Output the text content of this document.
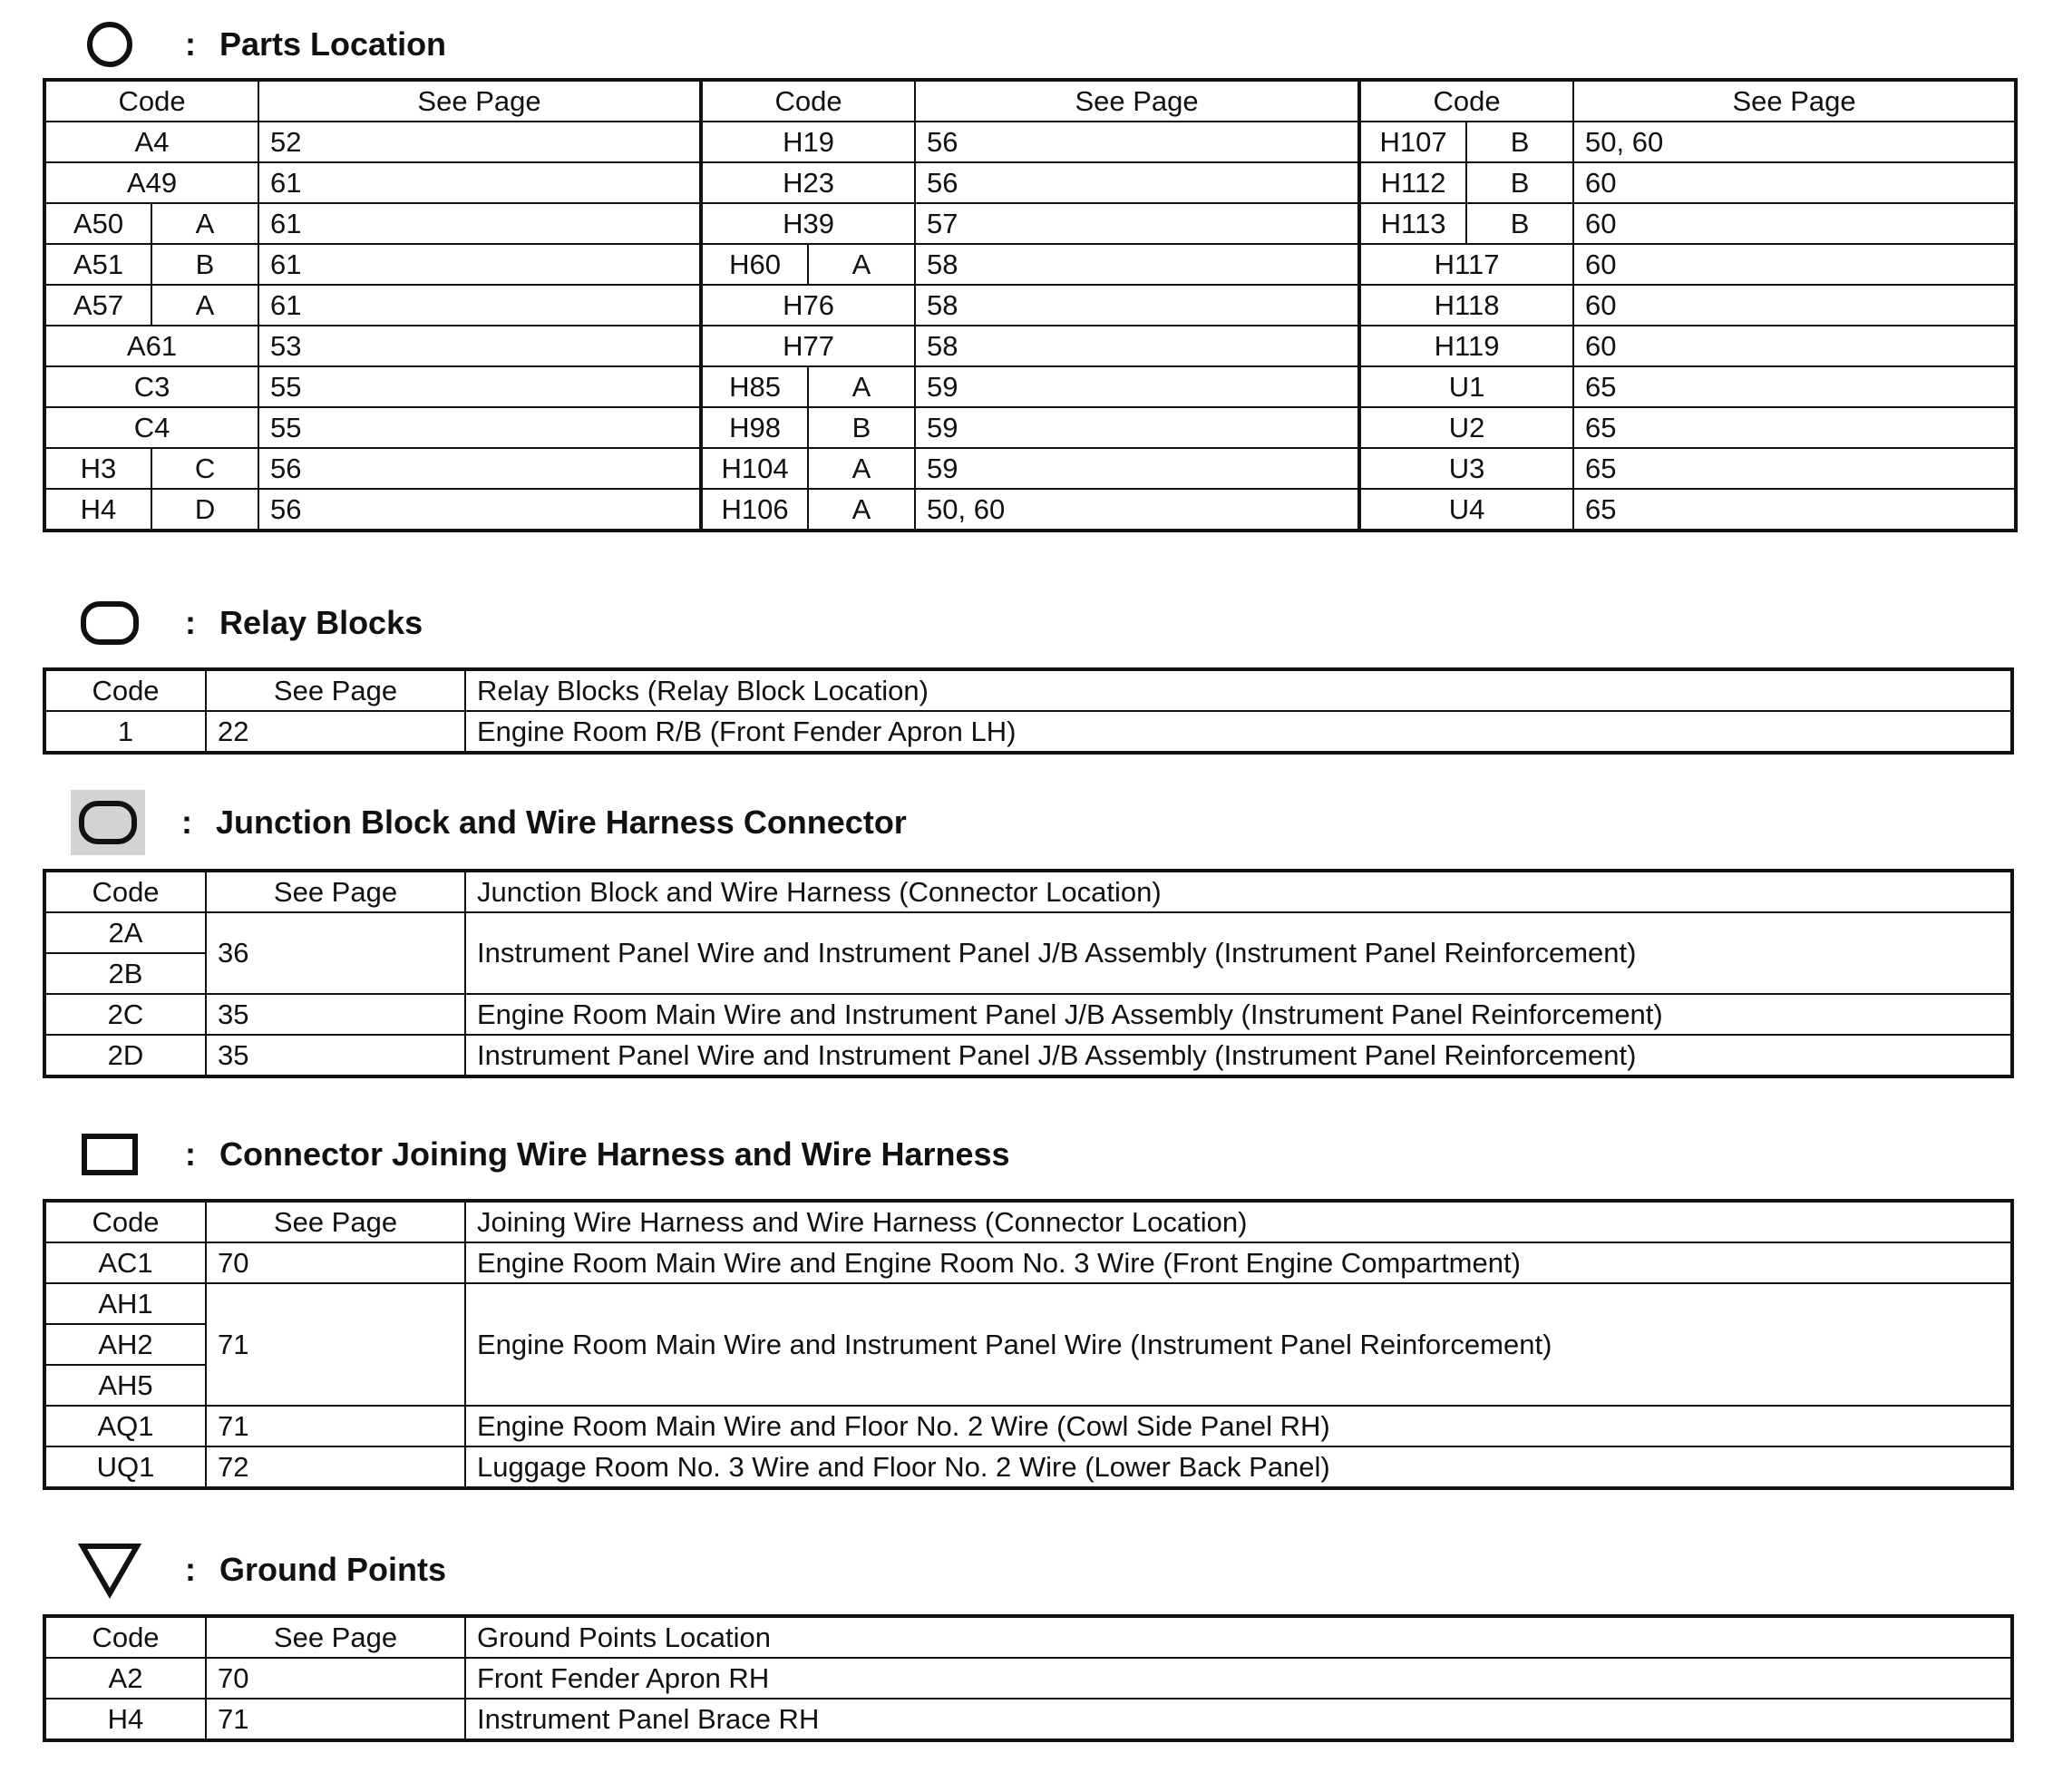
: Parts Location
Code		See Page	Code		See Page	Code		See Page
A4		52	H19		56	H107	B	50, 60
A49		61	H23		56	H112	B	60
A50	A	61	H39		57	H113	B	60
A51	B	61	H60	A	58	H117		60
A57	A	61	H76		58	H118		60
A61		53	H77		58	H119		60
C3		55	H85	A	59	U1		65
C4		55	H98	B	59	U2		65
H3	C	56	H104	A	59	U3		65
H4	D	56	H106	A	50, 60	U4		65
: Relay Blocks
Code	See Page	Relay Blocks (Relay Block Location)
1	22	Engine Room R/B (Front Fender Apron LH)
: Junction Block and Wire Harness Connector
Code	See Page	Junction Block and Wire Harness (Connector Location)
2A	36	Instrument Panel Wire and Instrument Panel J/B Assembly (Instrument Panel Reinforcement)
2B		
2C	35	Engine Room Main Wire and Instrument Panel J/B Assembly (Instrument Panel Reinforcement)
2D	35	Instrument Panel Wire and Instrument Panel J/B Assembly (Instrument Panel Reinforcement)
: Connector Joining Wire Harness and Wire Harness
Code	See Page	Joining Wire Harness and Wire Harness (Connector Location)
AC1	70	Engine Room Main Wire and Engine Room No. 3 Wire (Front Engine Compartment)
AH1	71	Engine Room Main Wire and Instrument Panel Wire (Instrument Panel Reinforcement)
AH2		
AH5		
AQ1	71	Engine Room Main Wire and Floor No. 2 Wire (Cowl Side Panel RH)
UQ1	72	Luggage Room No. 3 Wire and Floor No. 2 Wire (Lower Back Panel)
: Ground Points
Code	See Page	Ground Points Location
A2	70	Front Fender Apron RH
H4	71	Instrument Panel Brace RH
